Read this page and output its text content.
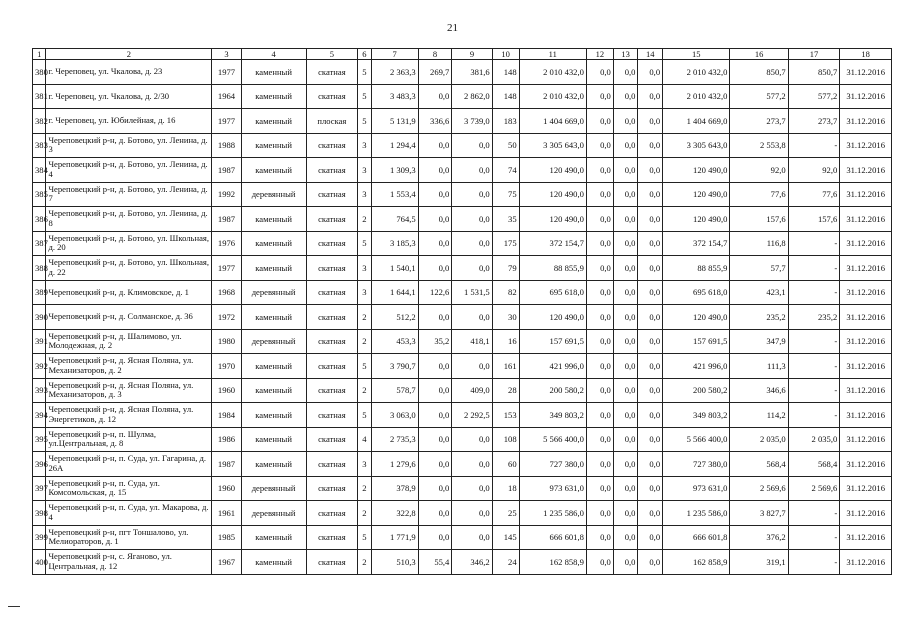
21
1	2	3	4	5	6	7	8	9	10	11	12	13	14	15	16	17	18
380	г. Череповец, ул. Чкалова, д. 23	1977	каменный	скатная	5	2 363,3	269,7	381,6	148	2 010 432,0	0,0	0,0	0,0	2 010 432,0	850,7	850,7	31.12.2016
381	г. Череповец, ул. Чкалова, д. 2/30	1964	каменный	скатная	5	3 483,3	0,0	2 862,0	148	2 010 432,0	0,0	0,0	0,0	2 010 432,0	577,2	577,2	31.12.2016
382	г. Череповец, ул. Юбилейная, д. 16	1977	каменный	плоская	5	5 131,9	336,6	3 739,0	183	1 404 669,0	0,0	0,0	0,0	1 404 669,0	273,7	273,7	31.12.2016
383	Череповецкий р-н, д. Ботово, ул. Ленина, д. 3	1988	каменный	скатная	3	1 294,4	0,0	0,0	50	3 305 643,0	0,0	0,0	0,0	3 305 643,0	2 553,8	-	31.12.2016
384	Череповецкий р-н, д. Ботово, ул. Ленина, д. 4	1987	каменный	скатная	3	1 309,3	0,0	0,0	74	120 490,0	0,0	0,0	0,0	120 490,0	92,0	92,0	31.12.2016
385	Череповецкий р-н, д. Ботово, ул. Ленина, д. 7	1992	деревянный	скатная	3	1 553,4	0,0	0,0	75	120 490,0	0,0	0,0	0,0	120 490,0	77,6	77,6	31.12.2016
386	Череповецкий р-н, д. Ботово, ул. Ленина, д. 8	1987	каменный	скатная	2	764,5	0,0	0,0	35	120 490,0	0,0	0,0	0,0	120 490,0	157,6	157,6	31.12.2016
387	Череповецкий р-н, д. Ботово, ул. Школьная, д. 20	1976	каменный	скатная	5	3 185,3	0,0	0,0	175	372 154,7	0,0	0,0	0,0	372 154,7	116,8	-	31.12.2016
388	Череповецкий р-н, д. Ботово, ул. Школьная, д. 22	1977	каменный	скатная	3	1 540,1	0,0	0,0	79	88 855,9	0,0	0,0	0,0	88 855,9	57,7	-	31.12.2016
389	Череповецкий р-н, д. Климовское, д. 1	1968	деревянный	скатная	3	1 644,1	122,6	1 531,5	82	695 618,0	0,0	0,0	0,0	695 618,0	423,1	-	31.12.2016
390	Череповецкий р-н, д. Солманское, д. 36	1972	каменный	скатная	2	512,2	0,0	0,0	30	120 490,0	0,0	0,0	0,0	120 490,0	235,2	235,2	31.12.2016
391	Череповецкий р-н, д. Шалимово, ул. Молодежная, д. 2	1980	деревянный	скатная	2	453,3	35,2	418,1	16	157 691,5	0,0	0,0	0,0	157 691,5	347,9	-	31.12.2016
392	Череповецкий р-н, д. Ясная Поляна, ул. Механизаторов, д. 2	1970	каменный	скатная	5	3 790,7	0,0	0,0	161	421 996,0	0,0	0,0	0,0	421 996,0	111,3	-	31.12.2016
393	Череповецкий р-н, д. Ясная Поляна, ул. Механизаторов, д. 3	1960	каменный	скатная	2	578,7	0,0	409,0	28	200 580,2	0,0	0,0	0,0	200 580,2	346,6	-	31.12.2016
394	Череповецкий р-н, д. Ясная Поляна, ул. Энергетиков, д. 12	1984	каменный	скатная	5	3 063,0	0,0	2 292,5	153	349 803,2	0,0	0,0	0,0	349 803,2	114,2	-	31.12.2016
395	Череповецкий р-н, п. Шулма, ул.Центральная, д. 8	1986	каменный	скатная	4	2 735,3	0,0	0,0	108	5 566 400,0	0,0	0,0	0,0	5 566 400,0	2 035,0	2 035,0	31.12.2016
396	Череповецкий р-н, п. Суда, ул. Гагарина, д. 26А	1987	каменный	скатная	3	1 279,6	0,0	0,0	60	727 380,0	0,0	0,0	0,0	727 380,0	568,4	568,4	31.12.2016
397	Череповецкий р-н, п. Суда, ул. Комсомольская, д. 15	1960	деревянный	скатная	2	378,9	0,0	0,0	18	973 631,0	0,0	0,0	0,0	973 631,0	2 569,6	2 569,6	31.12.2016
398	Череповецкий р-н, п. Суда, ул. Макарова, д. 4	1961	деревянный	скатная	2	322,8	0,0	0,0	25	1 235 586,0	0,0	0,0	0,0	1 235 586,0	3 827,7	-	31.12.2016
399	Череповецкий р-н, пгт Тоншалово, ул. Мелиораторов, д. 1	1985	каменный	скатная	5	1 771,9	0,0	0,0	145	666 601,8	0,0	0,0	0,0	666 601,8	376,2	-	31.12.2016
400	Череповецкий р-н, с. Яганово, ул. Центральная, д. 12	1967	каменный	скатная	2	510,3	55,4	346,2	24	162 858,9	0,0	0,0	0,0	162 858,9	319,1	-	31.12.2016
